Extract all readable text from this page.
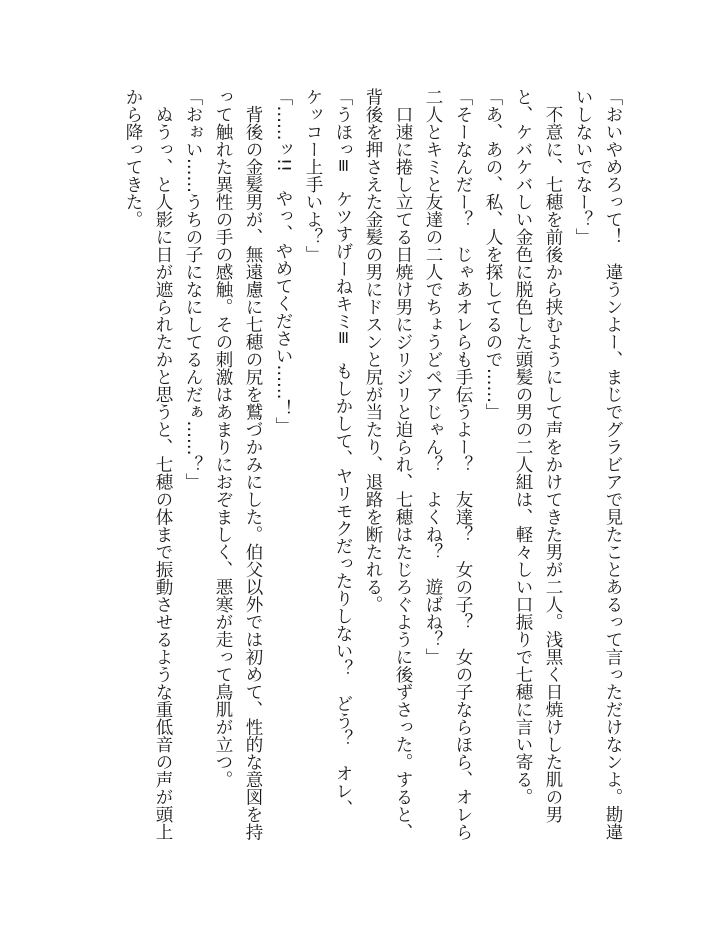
「おいやめろって！　違うンよー、まじでグラビアで見たことあるって言っただけなンよ。勘違
いしないでなー？」
　不意に、七穂を前後から挟むようにして声をかけてきた男が二人。浅黒く日焼けした肌の男
と、ケバケバしい金色に脱色した頭髪の男の二人組は、軽々しい口振りで七穂に言い寄る。
「あ、あの、私、人を探してるので……」
「そーなんだー？　じゃあオレらも手伝うよー？　友達？　女の子？　女の子ならほら、オレら
二人とキミと友達の二人でちょうどペアじゃん？　よくね？　遊ばね？」
　口速に捲し立てる日焼け男にジリジリと迫られ、七穂はたじろぐように後ずさった。すると、
背後を押さえた金髪の男にドスンと尻が当たり、退路を断たれる。
「うほっ≡　ケツすげーねキミ≡　もしかして、ヤリモクだったりしない？　どう？　オレ、
ケッコー上手いよ？」
「……ッ!!　やっ、やめてください……！」
　背後の金髪男が、無遠慮に七穂の尻を鷲づかみにした。伯父以外では初めて、性的な意図を持
って触れた異性の手の感触。その刺激はあまりにおぞましく、悪寒が走って鳥肌が立つ。
「おぉい……うちの子になにしてるんだぁ……？」
　ぬうっ、と人影に日が遮られたかと思うと、七穂の体まで振動させるような重低音の声が頭上
から降ってきた。
